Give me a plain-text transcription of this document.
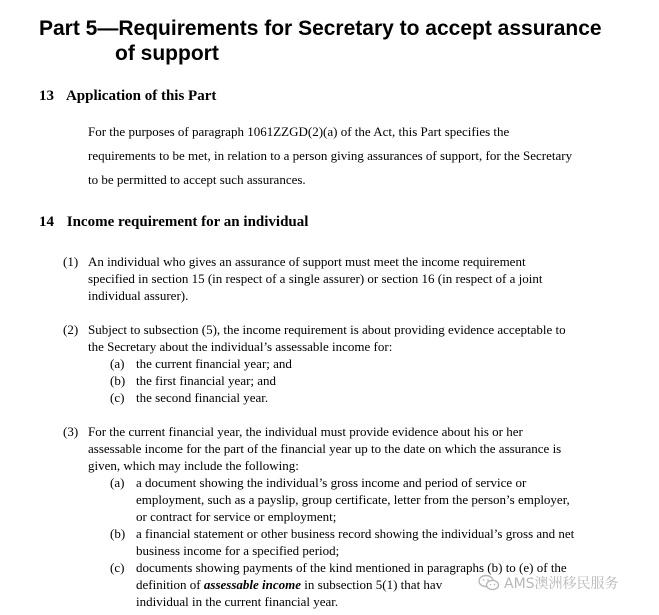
Part 5—Requirements for Secretary to accept assurance
of support
13 Application of this Part
For the purposes of paragraph 1061ZZGD(2)(a) of the Act, this Part specifies the
requirements to be met, in relation to a person giving assurances of support, for the Secretary
to be permitted to accept such assurances.
14 Income requirement for an individual
(1) An individual who gives an assurance of support must meet the income requirement
specified in section 15 (in respect of a single assurer) or section 16 (in respect of a joint
individual assurer).
(2) Subject to subsection (5), the income requirement is about providing evidence acceptable to
the Secretary about the individual’s assessable income for:
(a) the current financial year; and
(b) the first financial year; and
(c) the second financial year.
(3) For the current financial year, the individual must provide evidence about his or her
assessable income for the part of the financial year up to the date on which the assurance is
given, which may include the following:
(a) a document showing the individual’s gross income and period of service or
employment, such as a payslip, group certificate, letter from the person’s employer,
or contract for service or employment;
(b) a financial statement or other business record showing the individual’s gross and net
business income for a specified period;
(c) documents showing payments of the kind mentioned in paragraphs (b) to (e) of the
definition of assessable income in subsection 5(1) that hav
individual in the current financial year.
AMS澳洲移民服务
